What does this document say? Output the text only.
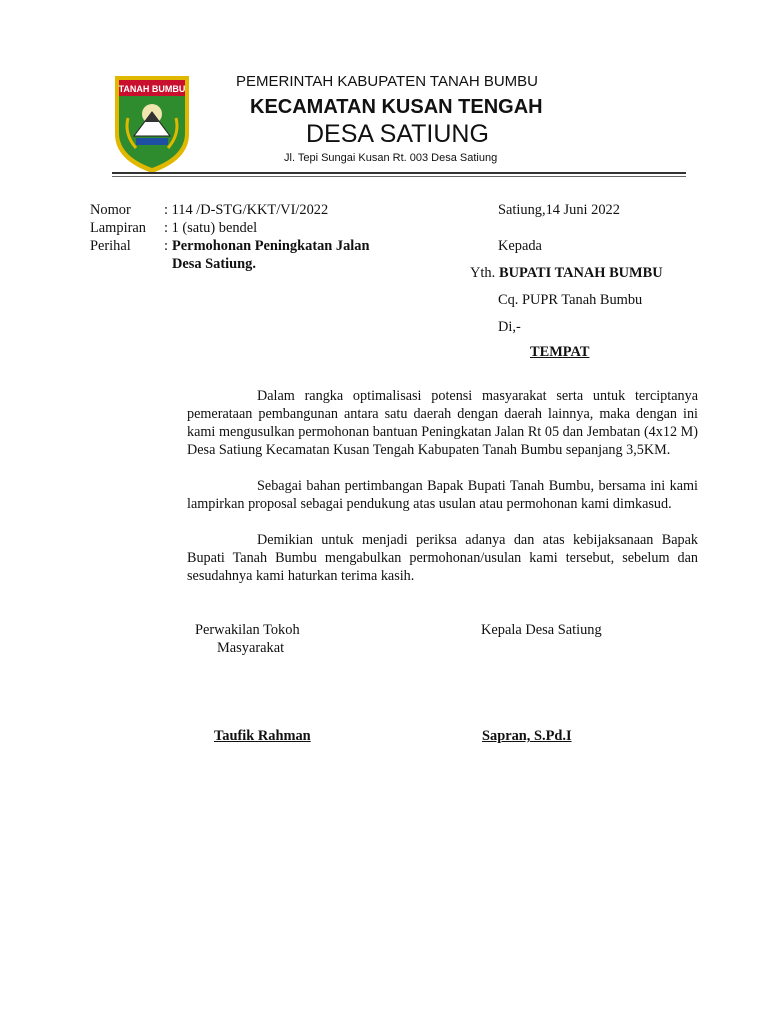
TANAH BUMBU	PEMERINTAH KABUPATEN TANAH BUMBU
KECAMATAN KUSAN TENGAH
DESA SATIUNG
Jl. Tepi Sungai Kusan Rt. 003 Desa Satiung
Nomor : 114 /D-STG/KKT/VI/2022
Lampiran : 1 (satu) bendel
Perihal : Permohonan Peningkatan Jalan
Desa Satiung.
Satiung,14 Juni 2022
Kepada
Yth. BUPATI TANAH BUMBU
Cq. PUPR Tanah Bumbu
Di,-
TEMPAT
Dalam rangka optimalisasi potensi masyarakat serta untuk terciptanya pemerataan pembangunan antara satu daerah dengan daerah lainnya, maka dengan ini kami mengusulkan permohonan bantuan Peningkatan Jalan Rt 05 dan Jembatan (4x12 M) Desa Satiung Kecamatan Kusan Tengah Kabupaten Tanah Bumbu sepanjang 3,5KM.
Sebagai bahan pertimbangan Bapak Bupati Tanah Bumbu, bersama ini kami lampirkan proposal sebagai pendukung atas usulan atau permohonan kami dimkasud.
Demikian untuk menjadi periksa adanya dan atas kebijaksanaan Bapak Bupati Tanah Bumbu mengabulkan permohonan/usulan kami tersebut, sebelum dan sesudahnya kami haturkan terima kasih.
Perwakilan Tokoh
Masyarakat
Taufik Rahman
Kepala Desa Satiung
Sapran, S.Pd.I
